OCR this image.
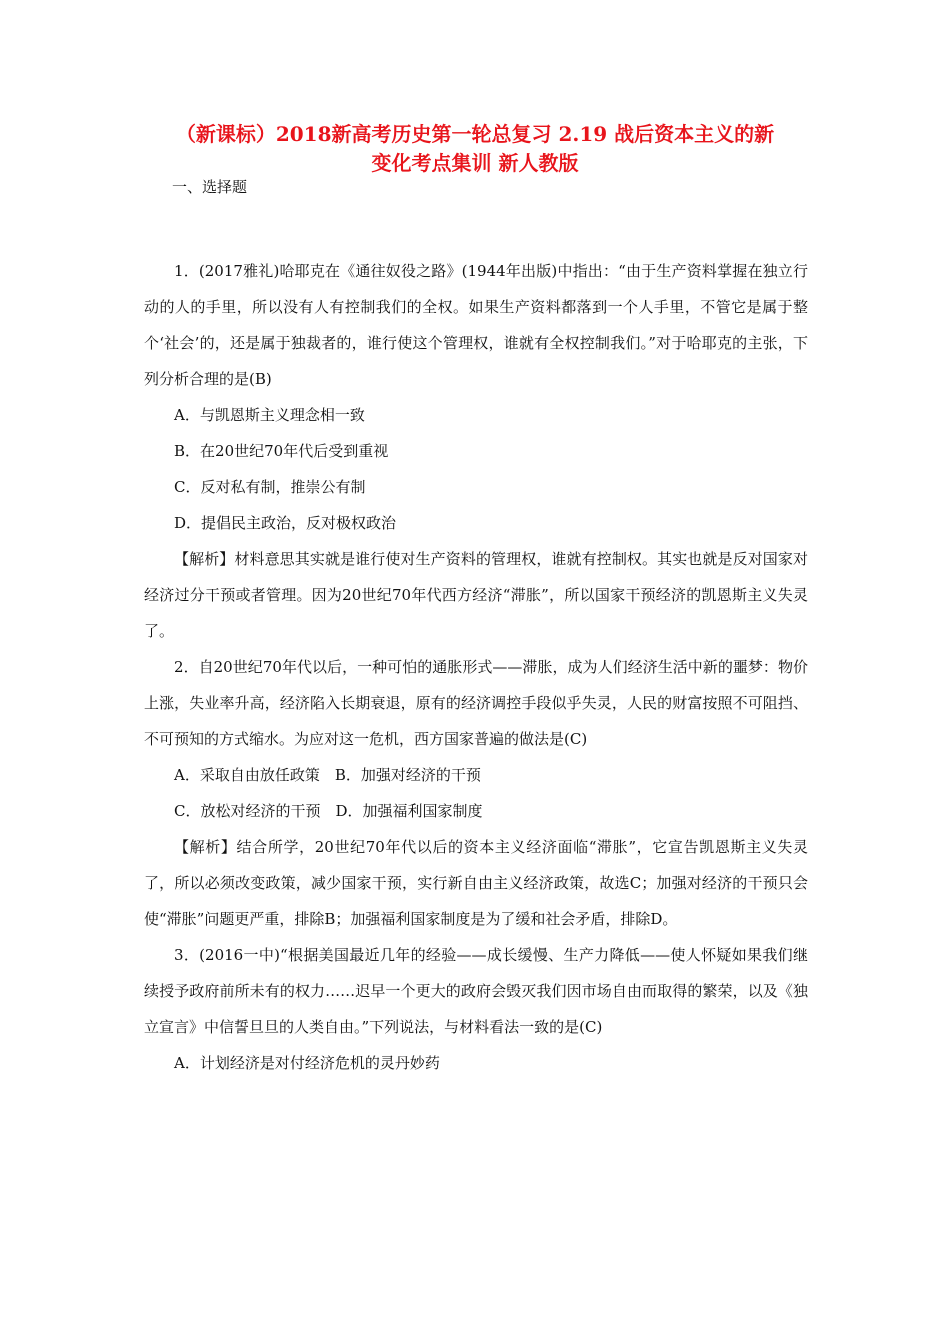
（新课标）2018新高考历史第一轮总复习 2.19 战后资本主义的新
变化考点集训 新人教版
一、选择题

1．(2017雅礼)哈耶克在《通往奴役之路》(1944年出版)中指出：“由于生产资料掌握在独立行动的人的手里，所以没有人有控制我们的全权。如果生产资料都落到一个人手里，不管它是属于整个‘社会’的，还是属于独裁者的，谁行使这个管理权，谁就有全权控制我们。”对于哈耶克的主张，下列分析合理的是(B)

A．与凯恩斯主义理念相一致

B．在20世纪70年代后受到重视

C．反对私有制，推崇公有制

D．提倡民主政治，反对极权政治

【解析】材料意思其实就是谁行使对生产资料的管理权，谁就有控制权。其实也就是反对国家对经济过分干预或者管理。因为20世纪70年代西方经济“滞胀”，所以国家干预经济的凯恩斯主义失灵了。

2．自20世纪70年代以后，一种可怕的通胀形式——滞胀，成为人们经济生活中新的噩梦：物价上涨，失业率升高，经济陷入长期衰退，原有的经济调控手段似乎失灵，人民的财富按照不可阻挡、不可预知的方式缩水。为应对这一危机，西方国家普遍的做法是(C)

A．采取自由放任政策　B．加强对经济的干预

C．放松对经济的干预　D．加强福利国家制度

【解析】结合所学，20世纪70年代以后的资本主义经济面临“滞胀”，它宣告凯恩斯主义失灵了，所以必须改变政策，减少国家干预，实行新自由主义经济政策，故选C；加强对经济的干预只会使“滞胀”问题更严重，排除B；加强福利国家制度是为了缓和社会矛盾，排除D。

3．(2016一中)“根据美国最近几年的经验——成长缓慢、生产力降低——使人怀疑如果我们继续授予政府前所未有的权力……迟早一个更大的政府会毁灭我们因市场自由而取得的繁荣，以及《独立宣言》中信誓旦旦的人类自由。”下列说法，与材料看法一致的是(C)

A．计划经济是对付经济危机的灵丹妙药
